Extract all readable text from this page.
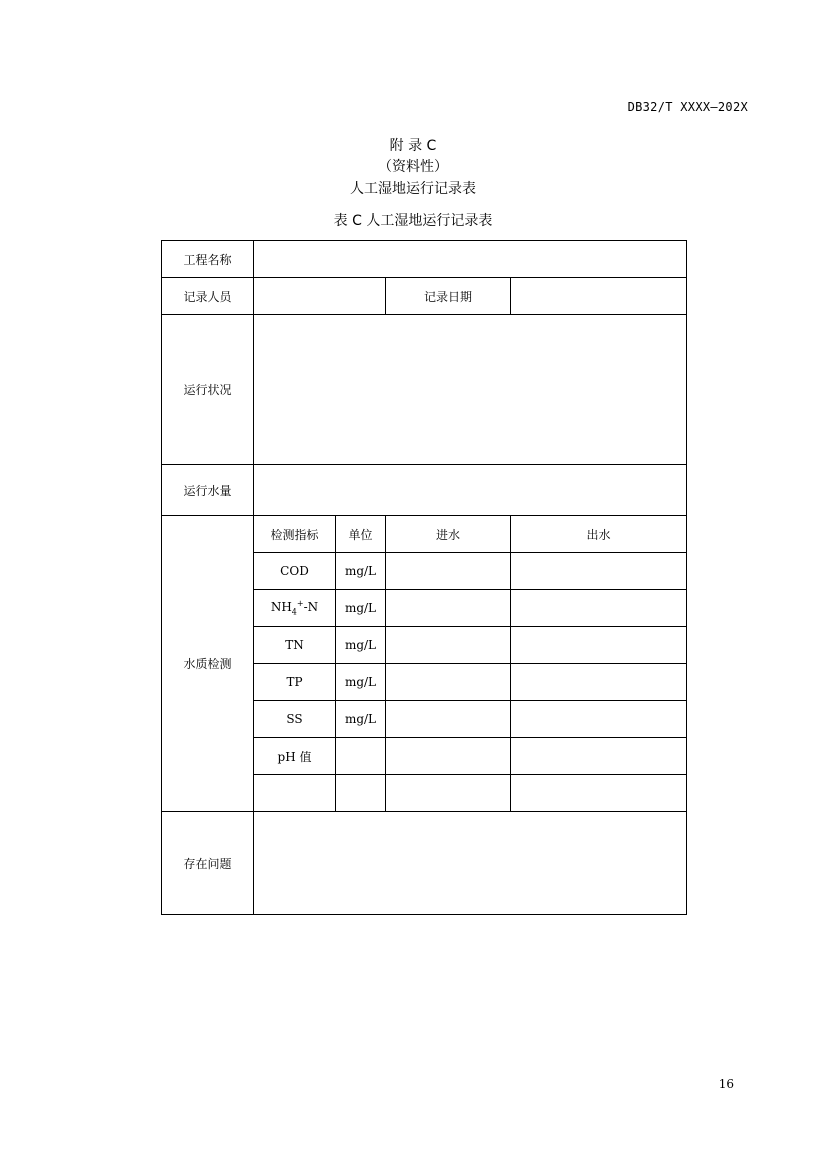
DB32/T XXXX—202X
附 录 C
（资料性）
人工湿地运行记录表
表 C 人工湿地运行记录表
工程名称				
记录人员			记录日期	
运行状况				
运行水量				
水质检测	检测指标	单位	进水	出水
	COD	mg/L		
	$NH_4^+-N$	mg/L		
	TN	mg/L		
	TP	mg/L		
	SS	mg/L		
	pH 值			

存在问题				
16
